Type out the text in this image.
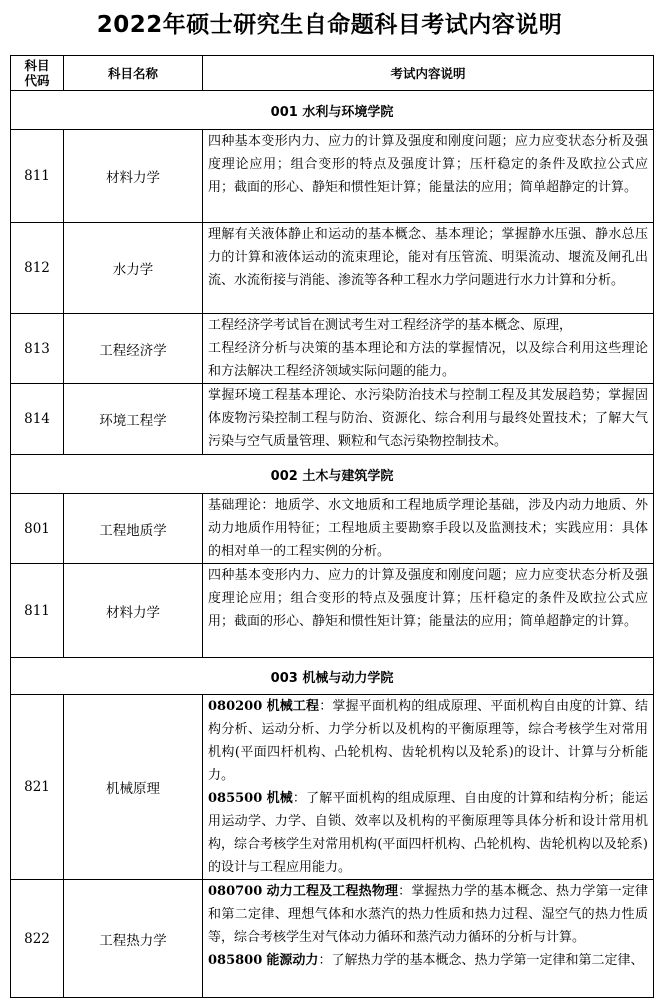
2022年硕士研究生自命题科目考试内容说明
科目
代码	科目名称	考试内容说明
001 水利与环境学院		
811	材料力学	四种基本变形内力、应力的计算及强度和刚度问题；应力应变状态分析及强度理论应用；组合变形的特点及强度计算；压杆稳定的条件及欧拉公式应用；截面的形心、静矩和惯性矩计算；能量法的应用；简单超静定的计算。

812	水力学	理解有关液体静止和运动的基本概念、基本理论；掌握静水压强、静水总压力的计算和液体运动的流束理论，能对有压管流、明渠流动、堰流及闸孔出流、水流衔接与消能、渗流等各种工程水力学问题进行水力计算和分析。

813	工程经济学	工程经济学考试旨在测试考生对工程经济学的基本概念、原理，
工程经济分析与决策的基本理论和方法的掌握情况，以及综合利用这些理论和方法解决工程经济领域实际问题的能力。

814	环境工程学	掌握环境工程基本理论、水污染防治技术与控制工程及其发展趋势；掌握固体废物污染控制工程与防治、资源化、综合利用与最终处置技术；了解大气污染与空气质量管理、颗粒和气态污染物控制技术。

002 土木与建筑学院		
801	工程地质学	基础理论：地质学、水文地质和工程地质学理论基础，涉及内动力地质、外动力地质作用特征；工程地质主要勘察手段以及监测技术；实践应用：具体的相对单一的工程实例的分析。

811	材料力学	四种基本变形内力、应力的计算及强度和刚度问题；应力应变状态分析及强度理论应用；组合变形的特点及强度计算；压杆稳定的条件及欧拉公式应用；截面的形心、静矩和惯性矩计算；能量法的应用；简单超静定的计算。

003 机械与动力学院		
821	机械原理	080200 机械工程：掌握平面机构的组成原理、平面机构自由度的计算、结构分析、运动分析、力学分析以及机构的平衡原理等，综合考核学生对常用机构(平面四杆机构、凸轮机构、齿轮机构以及轮系)的设计、计算与分析能力。
085500 机械：了解平面机构的组成原理、自由度的计算和结构分析；能运用运动学、力学、自锁、效率以及机构的平衡原理等具体分析和设计常用机构，综合考核学生对常用机构(平面四杆机构、凸轮机构、齿轮机构以及轮系)的设计与工程应用能力。

822	工程热力学	080700 动力工程及工程热物理：掌握热力学的基本概念、热力学第一定律和第二定律、理想气体和水蒸汽的热力性质和热力过程、湿空气的热力性质等，综合考核学生对气体动力循环和蒸汽动力循环的分析与计算。
085800 能源动力：了解热力学的基本概念、热力学第一定律和第二定律、
